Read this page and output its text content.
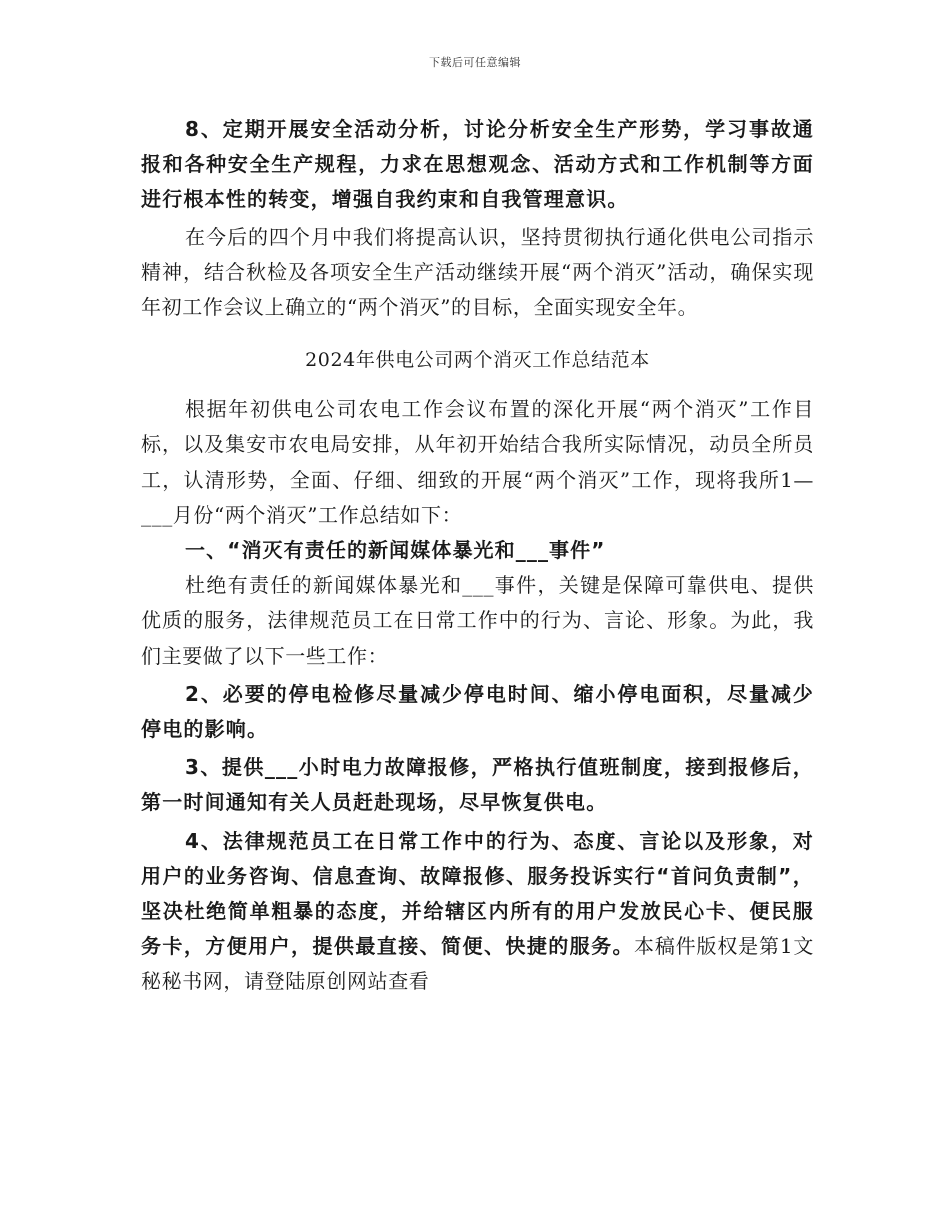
下载后可任意编辑

8、定期开展安全活动分析，讨论分析安全生产形势，学习事故通报和各种安全生产规程，力求在思想观念、活动方式和工作机制等方面进行根本性的转变，增强自我约束和自我管理意识。

在今后的四个月中我们将提高认识，坚持贯彻执行通化供电公司指示精神，结合秋检及各项安全生产活动继续开展“两个消灭”活动，确保实现年初工作会议上确立的“两个消灭”的目标，全面实现安全年。

2024年供电公司两个消灭工作总结范本

根据年初供电公司农电工作会议布置的深化开展“两个消灭”工作目标，以及集安市农电局安排，从年初开始结合我所实际情况，动员全所员工，认清形势，全面、仔细、细致的开展“两个消灭”工作，现将我所1—___月份“两个消灭”工作总结如下：

一、“消灭有责任的新闻媒体暴光和___事件”

杜绝有责任的新闻媒体暴光和___事件，关键是保障可靠供电、提供优质的服务，法律规范员工在日常工作中的行为、言论、形象。为此，我们主要做了以下一些工作：

2、必要的停电检修尽量减少停电时间、缩小停电面积，尽量减少停电的影响。

3、提供___小时电力故障报修，严格执行值班制度，接到报修后，第一时间通知有关人员赶赴现场，尽早恢复供电。

4、法律规范员工在日常工作中的行为、态度、言论以及形象，对用户的业务咨询、信息查询、故障报修、服务投诉实行“首问负责制”，坚决杜绝简单粗暴的态度，并给辖区内所有的用户发放民心卡、便民服务卡，方便用户，提供最直接、简便、快捷的服务。本稿件版权是第1文秘秘书网，请登陆原创网站查看
